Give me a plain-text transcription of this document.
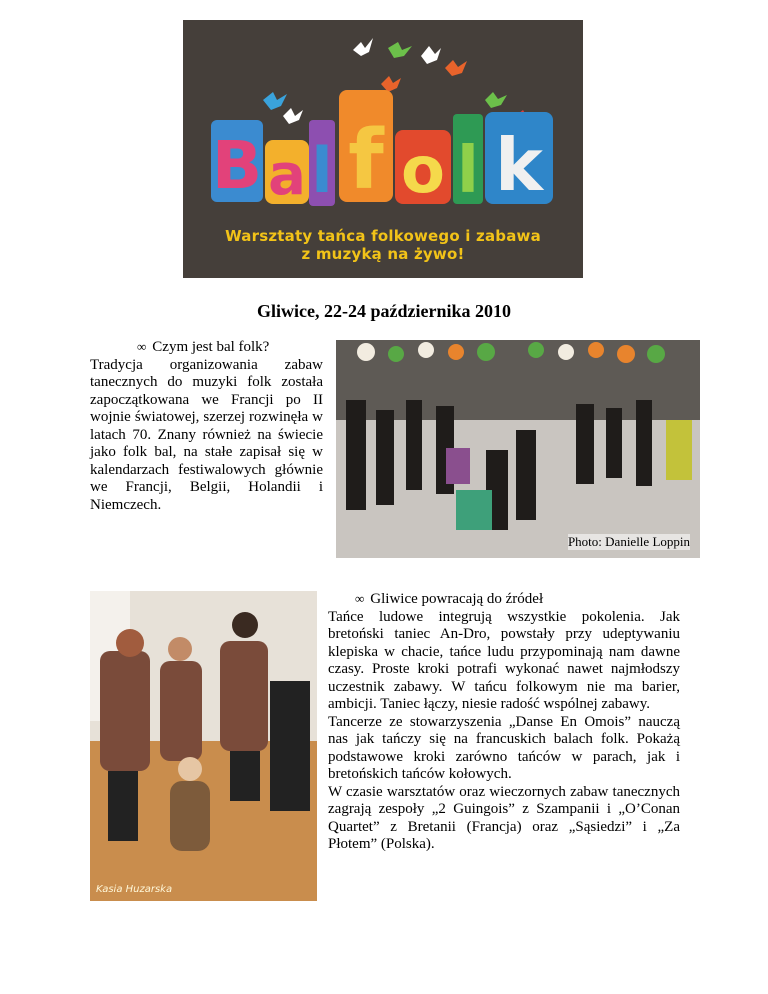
B a l f o l k
Warsztaty tańca folkowego i zabawa
z muzyką na żywo!
Gliwice, 22-24 października 2010
∞ Czym jest bal folk?

Tradycja organizowania zabaw tanecznych do muzyki folk została zapoczątkowana we Francji po II wojnie światowej, szerzej rozwinęła w latach 70. Znany również na świecie jako folk bal, na stałe zapisał się w kalendarzach festiwalowych głównie we Francji, Belgii, Holandii i Niemczech.

Photo: Danielle Loppin
Kasia Huzarska
∞ Gliwice powracają do źródeł

Tańce ludowe integrują wszystkie pokolenia. Jak bretoński taniec An-Dro, powstały przy udeptywaniu klepiska w chacie, tańce ludu przypominają nam dawne czasy. Proste kroki potrafi wykonać nawet najmłodszy uczestnik zabawy. W tańcu folkowym nie ma barier, ambicji. Taniec łączy, niesie radość wspólnej zabawy.

Tancerze ze stowarzyszenia „Danse En Omois” nauczą nas jak tańczy się na francuskich balach folk. Pokażą podstawowe kroki zarówno tańców w parach, jak i bretońskich tańców kołowych.

W czasie warsztatów oraz wieczornych zabaw tanecznych zagrają zespoły „2 Guingois” z Szampanii i „O’Conan Quartet” z Bretanii (Francja) oraz „Sąsiedzi” i „Za Płotem” (Polska).
